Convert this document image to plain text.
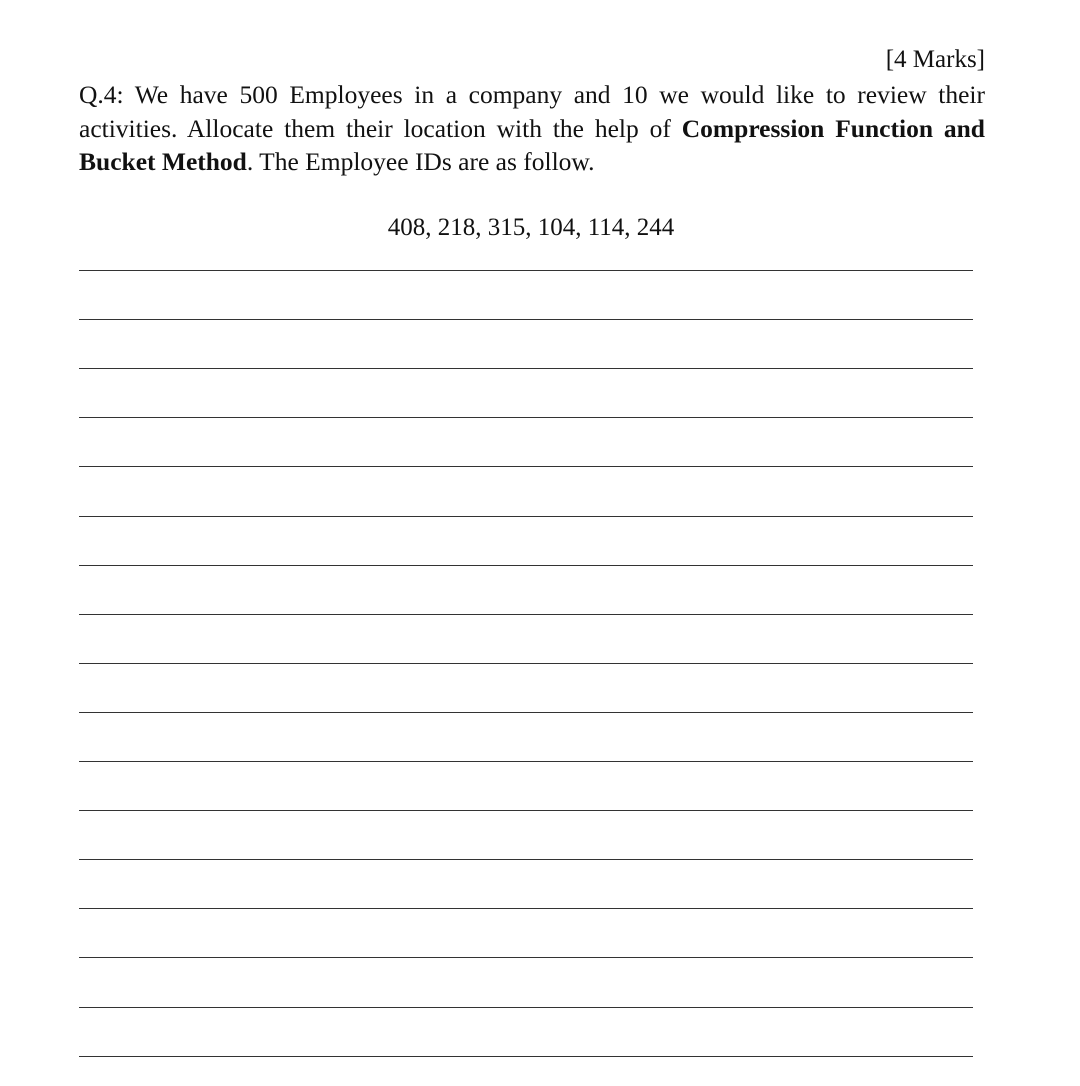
[4 Marks]
Q.4: We have 500 Employees in a company and 10 we would like to review their activities. Allocate them their location with the help of Compression Function and Bucket Method. The Employee IDs are as follow.
408, 218, 315, 104, 114, 244
